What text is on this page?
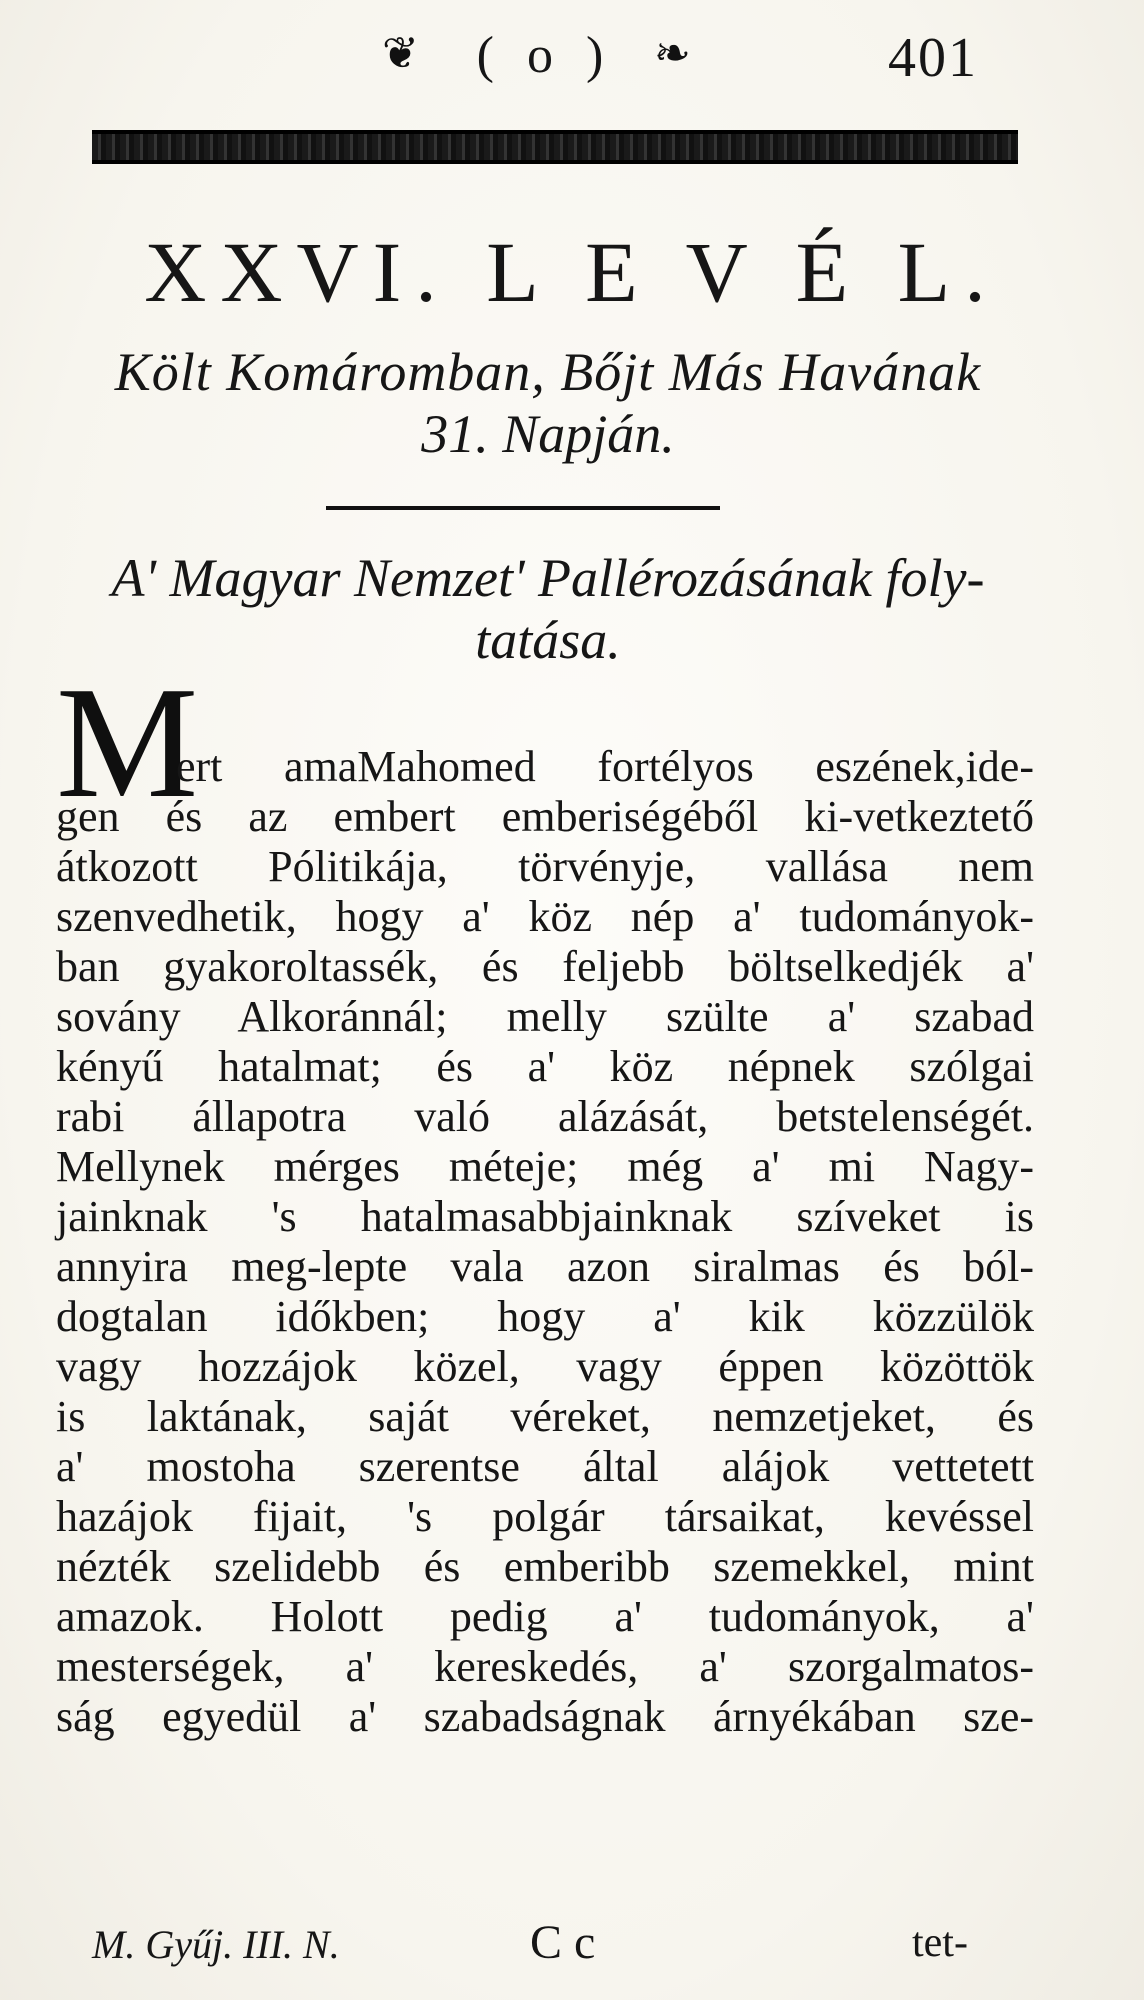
❦	( o ) ❧	401
XXVI. L E V É L.
Költ Komáromban, Bőjt Más Havának
31. Napján.
A' Magyar Nemzet' Pallérozásának foly-
tatása.
M
ert amaMahomed fortélyos eszének,ide-
gen és az embert emberiségéből ki-vetkeztető
átkozott Pólitikája, törvényje, vallása nem
szenvedhetik, hogy a' köz nép a' tudományok-
ban gyakoroltassék, és feljebb böltselkedjék a'
sovány Alkoránnál; melly szülte a' szabad
kényű hatalmat; és a' köz népnek szólgai
rabi állapotra való alázását, betstelenségét.
Mellynek mérges méteje; még a' mi Nagy-
jainknak 's hatalmasabbjainknak szíveket is
annyira meg-lepte vala azon siralmas és ból-
dogtalan időkben; hogy a' kik közzülök
vagy hozzájok közel, vagy éppen közöttök
is laktának, saját véreket, nemzetjeket, és
a' mostoha szerentse által alájok vettetett
hazájok fijait, 's polgár társaikat, kevéssel
nézték szelidebb és emberibb szemekkel, mint
amazok. Holott pedig a' tudományok, a'
mesterségek, a' kereskedés, a' szorgalmatos-
ság egyedül a' szabadságnak árnyékában sze-
M. Gyűj. III. N.	C c	tet-
